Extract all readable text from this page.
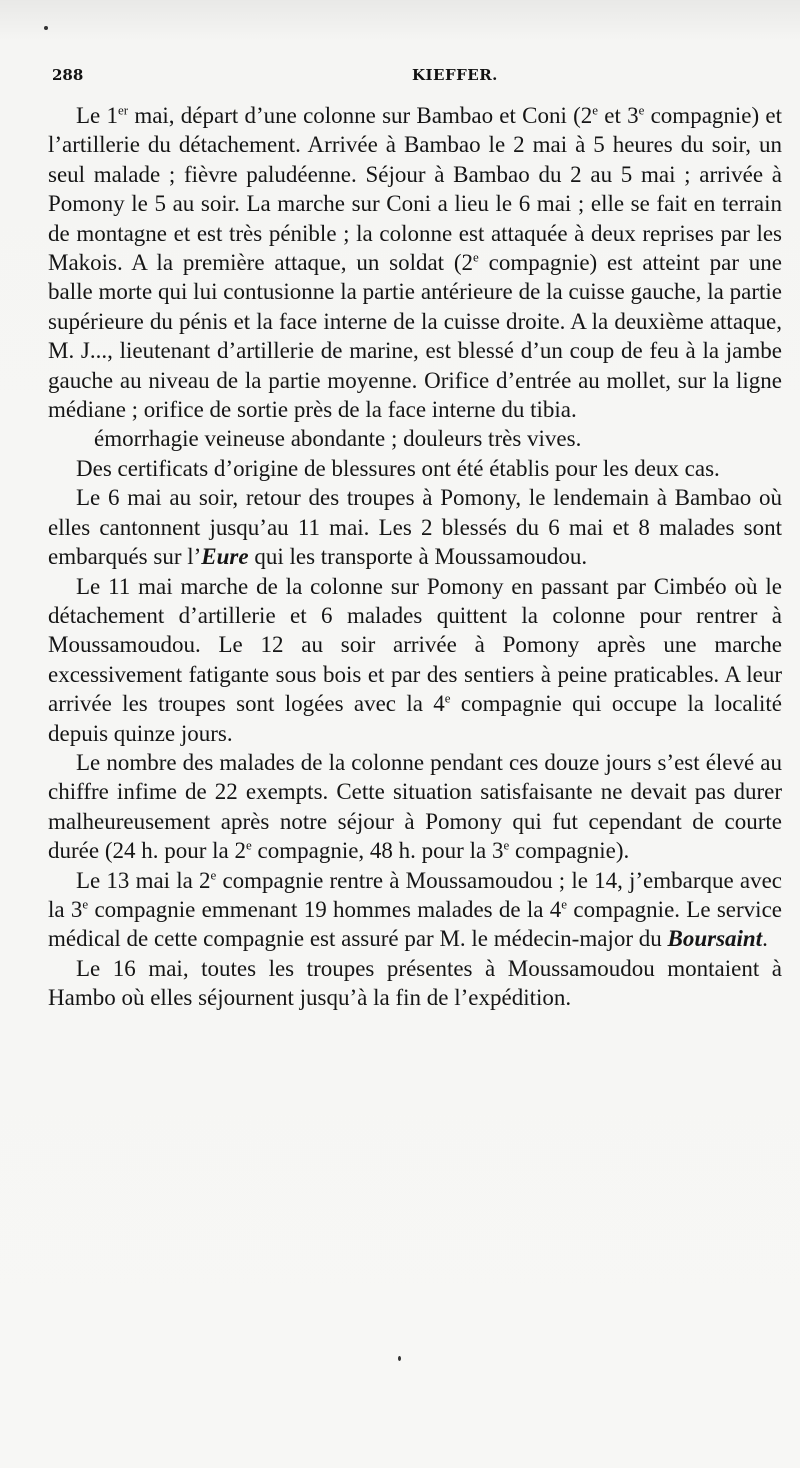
288	KIEFFER.

Le 1er mai, départ d’une colonne sur Bambao et Coni (2e et 3e compagnie) et l’artillerie du détachement. Arrivée à Bambao le 2 mai à 5 heures du soir, un seul malade ; fièvre paludéenne. Séjour à Bambao du 2 au 5 mai ; arrivée à Pomony le 5 au soir. La marche sur Coni a lieu le 6 mai ; elle se fait en terrain de montagne et est très pénible ; la colonne est attaquée à deux reprises par les Makois. A la première attaque, un soldat (2e compagnie) est atteint par une balle morte qui lui contusionne la partie antérieure de la cuisse gauche, la partie supérieure du pénis et la face interne de la cuisse droite. A la deuxième attaque, M. J..., lieutenant d’artillerie de marine, est blessé d’un coup de feu à la jambe gauche au niveau de la partie moyenne. Orifice d’entrée au mollet, sur la ligne médiane ; orifice de sortie près de la face interne du tibia.

émorrhagie veineuse abondante ; douleurs très vives.

Des certificats d’origine de blessures ont été établis pour les deux cas.

Le 6 mai au soir, retour des troupes à Pomony, le lendemain à Bambao où elles cantonnent jusqu’au 11 mai. Les 2 blessés du 6 mai et 8 malades sont embarqués sur l’Eure qui les transporte à Moussamoudou.

Le 11 mai marche de la colonne sur Pomony en passant par Cimbéo où le détachement d’artillerie et 6 malades quittent la colonne pour rentrer à Moussamoudou. Le 12 au soir arrivée à Pomony après une marche excessivement fatigante sous bois et par des sentiers à peine praticables. A leur arrivée les troupes sont logées avec la 4e compagnie qui occupe la localité depuis quinze jours.

Le nombre des malades de la colonne pendant ces douze jours s’est élevé au chiffre infime de 22 exempts. Cette situation satisfaisante ne devait pas durer malheureusement après notre séjour à Pomony qui fut cependant de courte durée (24 h. pour la 2e compagnie, 48 h. pour la 3e compagnie).

Le 13 mai la 2e compagnie rentre à Moussamoudou ; le 14, j’embarque avec la 3e compagnie emmenant 19 hommes malades de la 4e compagnie. Le service médical de cette compagnie est assuré par M. le médecin-major du Boursaint.

Le 16 mai, toutes les troupes présentes à Moussamoudou montaient à Hambo où elles séjournent jusqu’à la fin de l’expédition.
